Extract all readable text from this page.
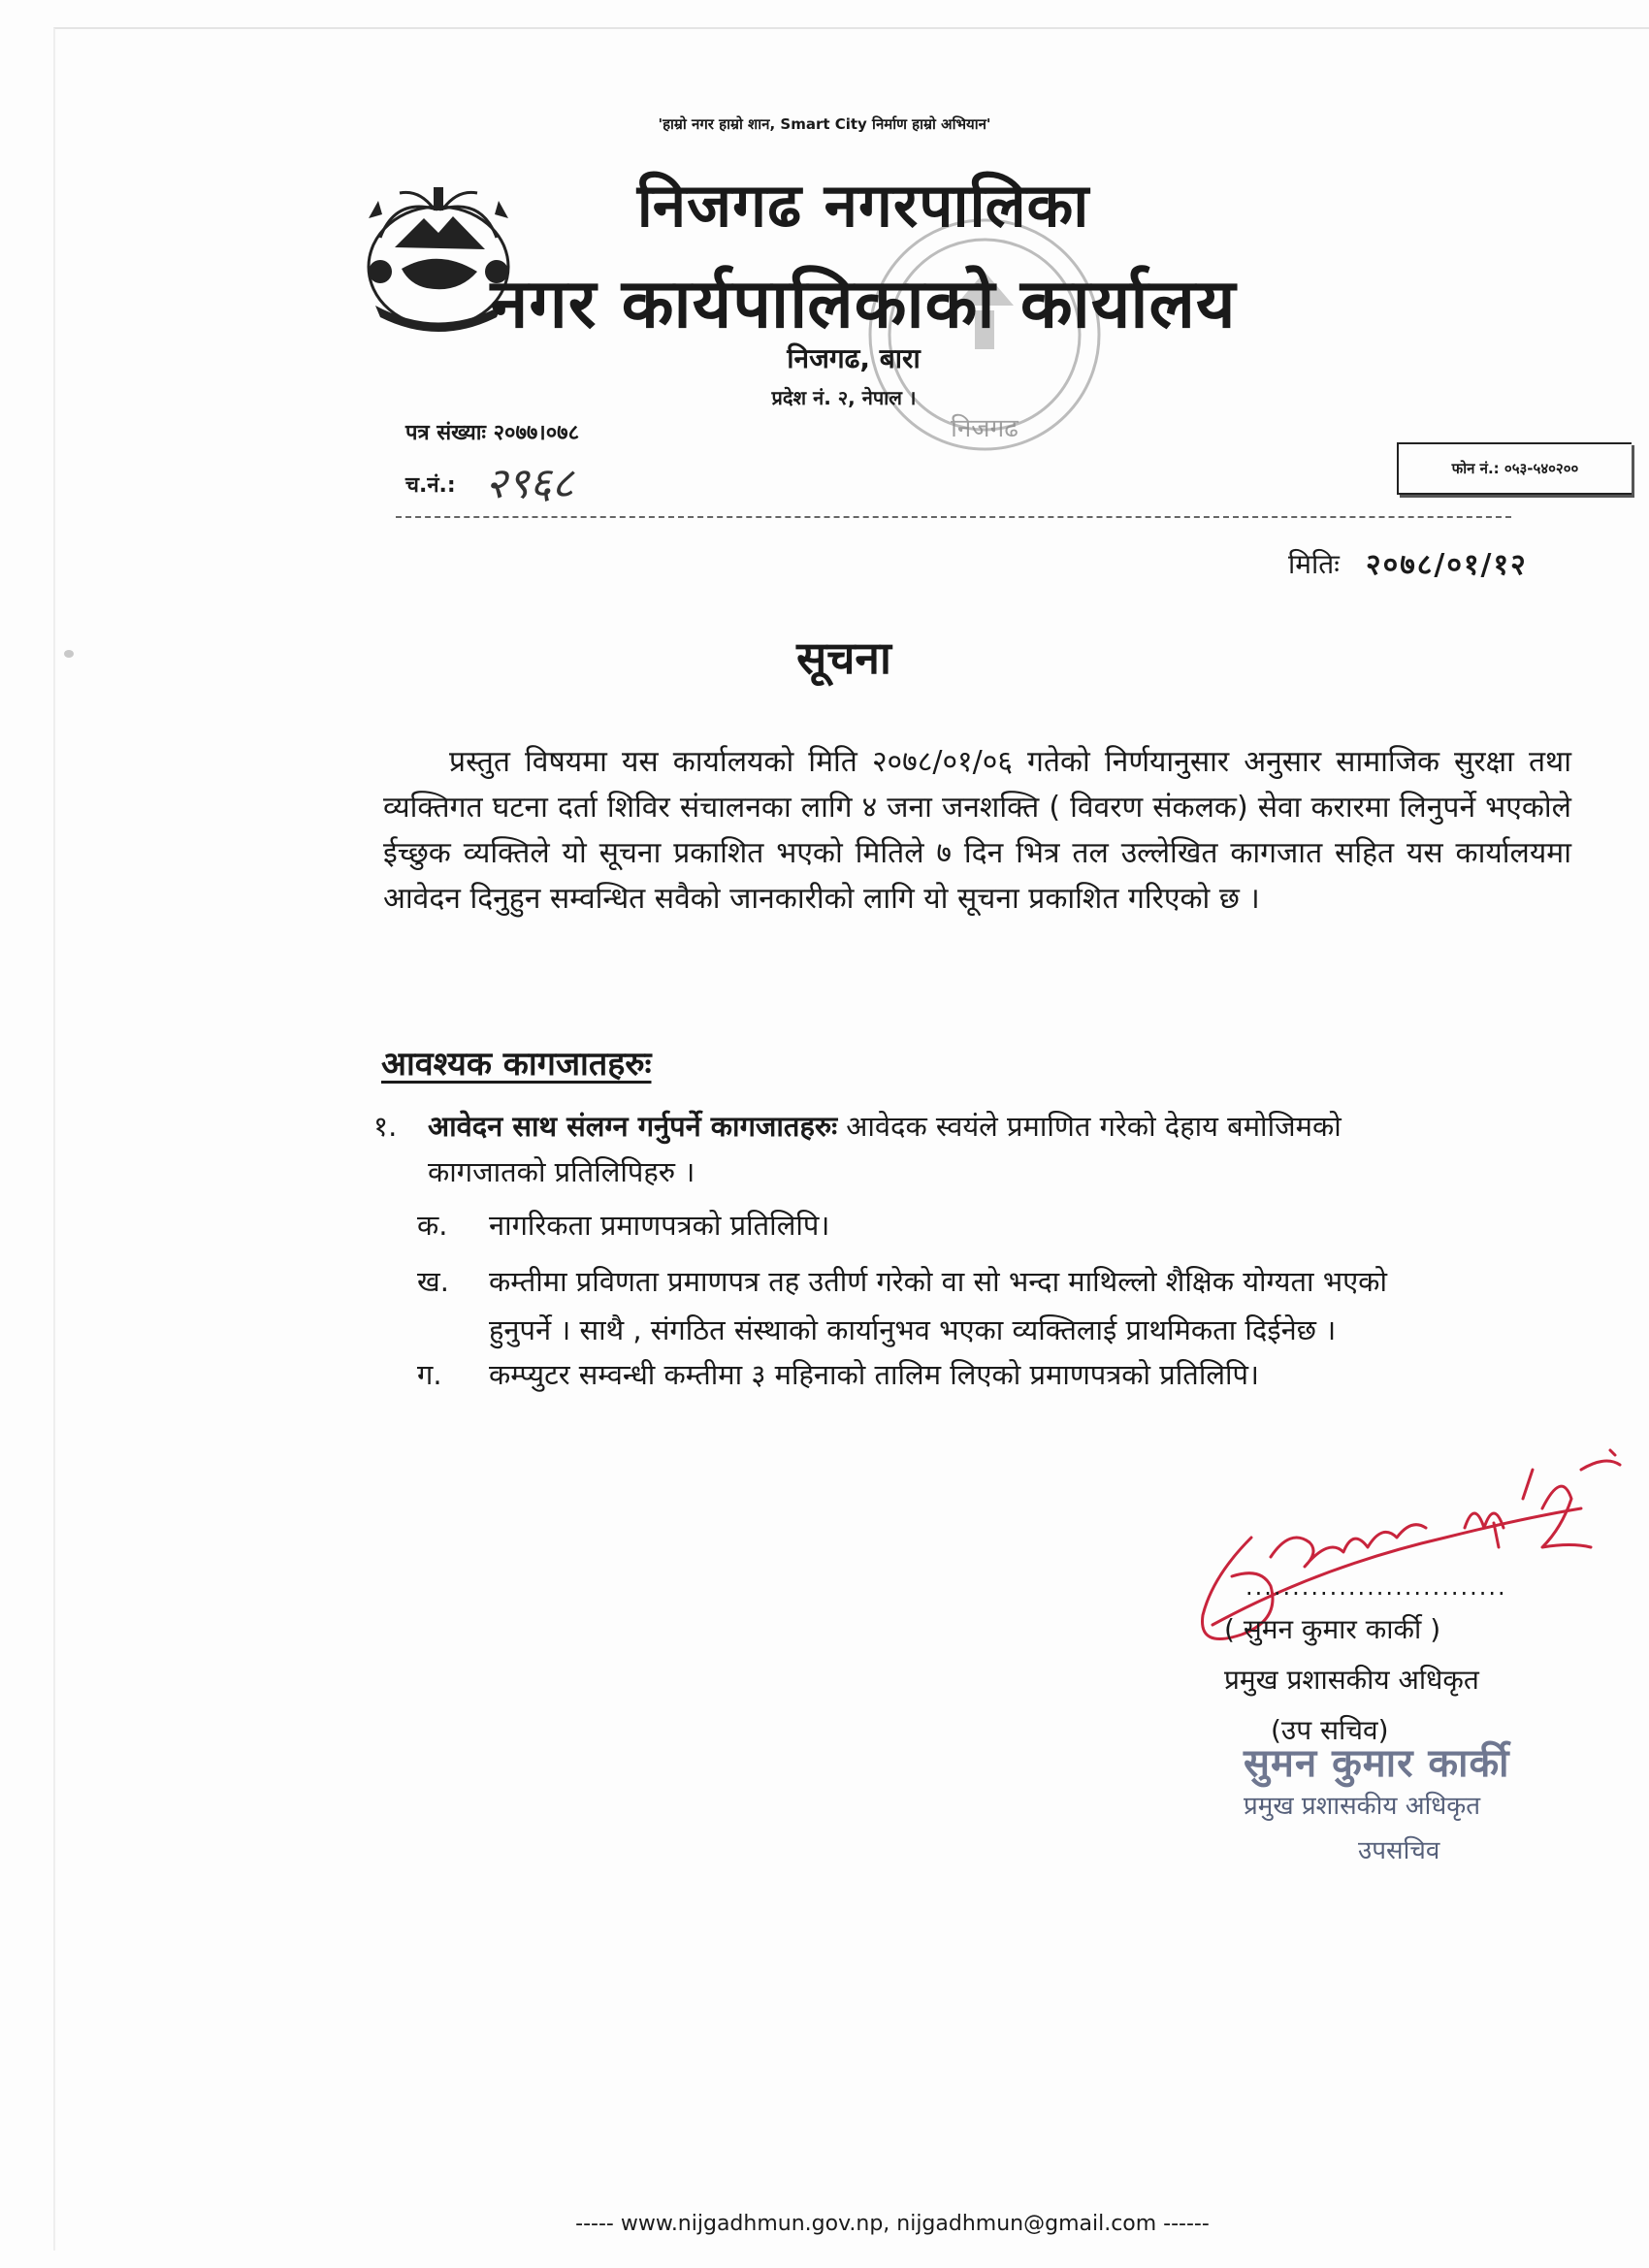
'हाम्रो नगर हाम्रो शान, Smart City निर्माण हाम्रो अभियान'
निजगढ
निजगढ नगरपालिका
नगर कार्यपालिकाको कार्यालय
निजगढ, बारा
प्रदेश नं. २, नेपाल ।
पत्र संख्याः २०७७।०७८
च.नं.: २९६८	फोन नं.: ०५३-५४०२००
मितिः २०७८/०१/१२
सूचना
प्रस्तुत विषयमा यस कार्यालयको मिति २०७८/०१/०६ गतेको निर्णयानुसार अनुसार सामाजिक सुरक्षा तथा व्यक्तिगत घटना दर्ता शिविर संचालनका लागि ४ जना जनशक्ति ( विवरण संकलक) सेवा करारमा लिनुपर्ने भएकोले ईच्छुक व्यक्तिले यो सूचना प्रकाशित भएको मितिले ७ दिन भित्र तल उल्लेखित कागजात सहित यस कार्यालयमा आवेदन दिनुहुन सम्वन्धित सवैको जानकारीको लागि यो सूचना प्रकाशित गरिएको छ ।
आवश्यक कागजातहरुः
१. आवेदन साथ संलग्न गर्नुपर्ने कागजातहरुः आवेदक स्वयंले प्रमाणित गरेको देहाय बमोजिमको
कागजातको प्रतिलिपिहरु ।
क.	नागरिकता प्रमाणपत्रको प्रतिलिपि।
ख.	कम्तीमा प्रविणता प्रमाणपत्र तह उतीर्ण गरेको वा सो भन्दा माथिल्लो शैक्षिक योग्यता भएको
हुनुपर्ने । साथै , संगठित संस्थाको कार्यानुभव भएका व्यक्तिलाई प्राथमिकता दिईनेछ ।
ग.	कम्प्युटर सम्वन्धी कम्तीमा ३ महिनाको तालिम लिएको प्रमाणपत्रको प्रतिलिपि।
............................
( सुमन कुमार कार्की )
प्रमुख प्रशासकीय अधिकृत
(उप सचिव)
सुमन कुमार कार्की
प्रमुख प्रशासकीय अधिकृत
उपसचिव
----- www.nijgadhmun.gov.np, nijgadhmun@gmail.com ------
